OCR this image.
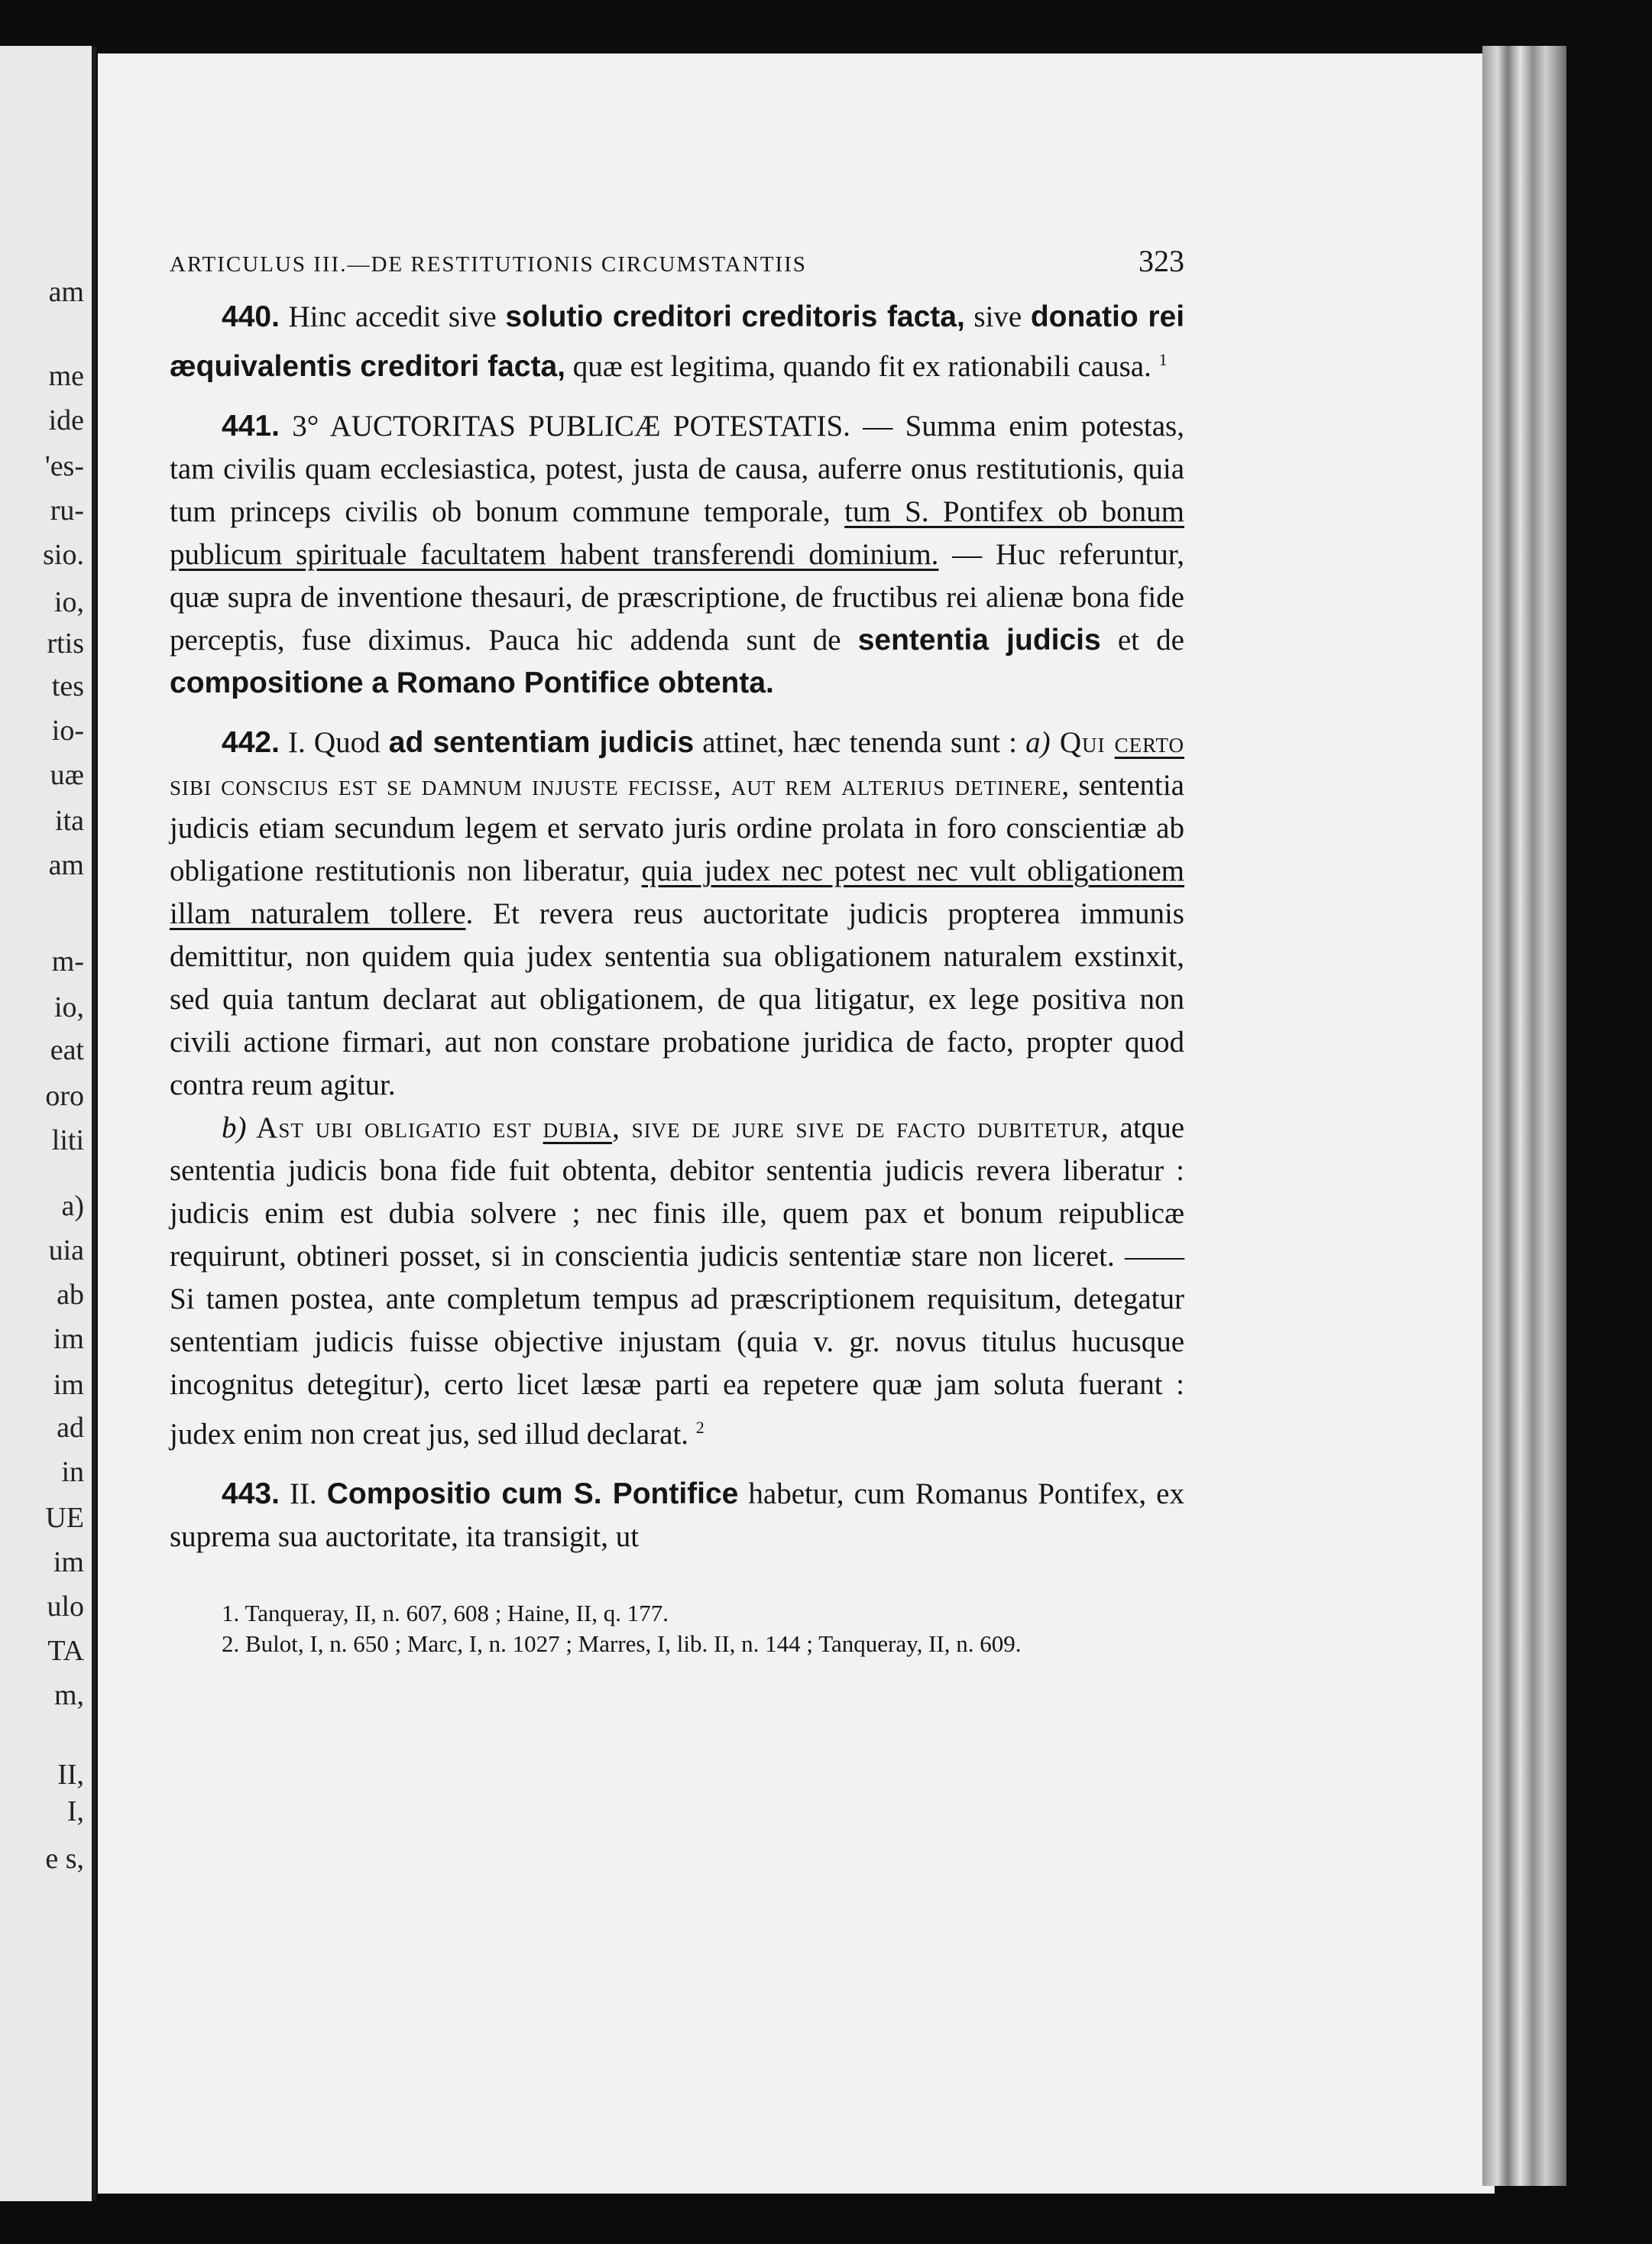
am
me
ide
'es-
ru-
sio.
io,
rtis
tes
io-
uæ
ita
am
m-
io,
eat
oro
liti
a)
uia
ab
im
im
ad
in
UE
im
ulo
TA
m,
II,
I,
e s,
ARTICULUS III.—DE RESTITUTIONIS CIRCUMSTANTIIS	323

440. Hinc accedit sive solutio creditori creditoris facta, sive donatio rei æquivalentis creditori facta, quæ est legitima, quando fit ex rationabili causa. $^1$

441. 3° AUCTORITAS PUBLICÆ POTESTATIS. — Summa enim potestas, tam civilis quam ecclesiastica, potest, justa de causa, auferre onus restitutionis, quia tum princeps civilis ob bonum commune temporale, tum S. Pontifex ob bonum publicum spirituale facultatem habent transferendi dominium. — Huc referuntur, quæ supra de inventione thesauri, de præscriptione, de fructibus rei alienæ bona fide perceptis, fuse diximus. Pauca hic addenda sunt de sententia judicis et de compositione a Romano Pontifice obtenta.

442. I. Quod ad sententiam judicis attinet, hæc tenenda sunt : a) Qui certo sibi conscius est se damnum injuste fecisse, aut rem alterius detinere, sententia judicis etiam secundum legem et servato juris ordine prolata in foro conscientiæ ab obligatione restitutionis non liberatur, quia judex nec potest nec vult obligationem illam naturalem tollere. Et revera reus auctoritate judicis propterea immunis demittitur, non quidem quia judex sententia sua obligationem naturalem exstinxit, sed quia tantum declarat aut obligationem, de qua litigatur, ex lege positiva non civili actione firmari, aut non constare probatione juridica de facto, propter quod contra reum agitur.

b) Ast ubi obligatio est dubia, sive de jure sive de facto dubitetur, atque sententia judicis bona fide fuit obtenta, debitor sententia judicis revera liberatur : judicis enim est dubia solvere ; nec finis ille, quem pax et bonum reipublicæ requirunt, obtineri posset, si in conscientia judicis sententiæ stare non liceret. —— Si tamen postea, ante completum tempus ad præscriptionem requisitum, detegatur sententiam judicis fuisse objective injustam (quia v. gr. novus titulus hucusque incognitus detegitur), certo licet læsæ parti ea repetere quæ jam soluta fuerant : judex enim non creat jus, sed illud declarat. $^2$

443. II. Compositio cum S. Pontifice habetur, cum Romanus Pontifex, ex suprema sua auctoritate, ita transigit, ut

1. Tanqueray, II, n. 607, 608 ; Haine, II, q. 177.

2. Bulot, I, n. 650 ; Marc, I, n. 1027 ; Marres, I, lib. II, n. 144 ; Tanqueray, II, n. 609.
